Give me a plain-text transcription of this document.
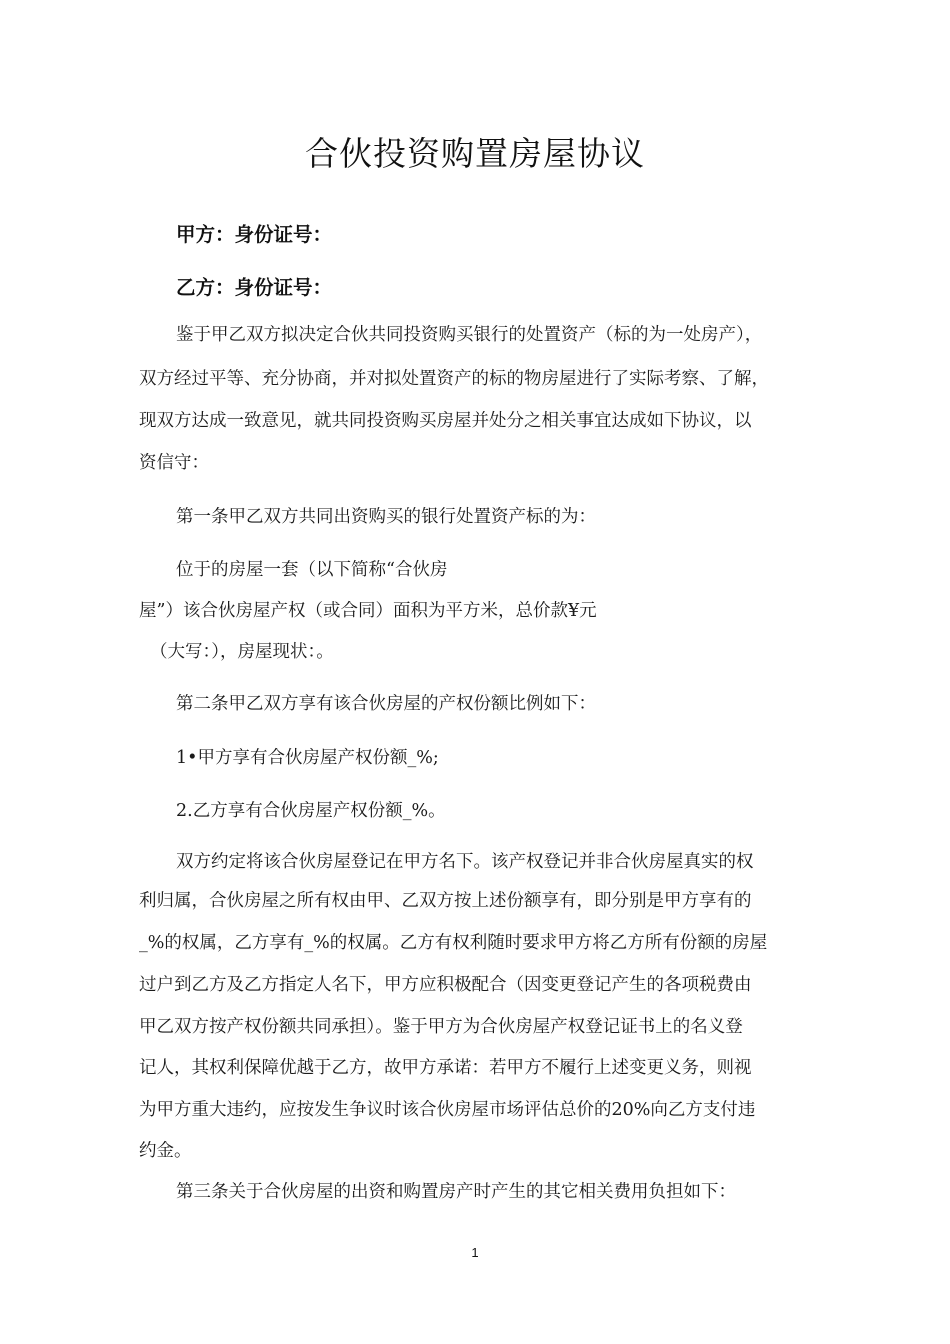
合伙投资购置房屋协议
甲方：身份证号：
乙方：身份证号：
鉴于甲乙双方拟决定合伙共同投资购买银行的处置资产（标的为一处房产），
双方经过平等、充分协商，并对拟处置资产的标的物房屋进行了实际考察、了解，
现双方达成一致意见，就共同投资购买房屋并处分之相关事宜达成如下协议，以
资信守：
第一条甲乙双方共同出资购买的银行处置资产标的为：
位于的房屋一套（以下简称“合伙房
屋”）该合伙房屋产权（或合同）面积为平方米，总价款¥元
（大写：），房屋现状：。
第二条甲乙双方享有该合伙房屋的产权份额比例如下：
1•甲方享有合伙房屋产权份额_%;
2.乙方享有合伙房屋产权份额_%。
双方约定将该合伙房屋登记在甲方名下。该产权登记并非合伙房屋真实的权
利归属，合伙房屋之所有权由甲、乙双方按上述份额享有，即分别是甲方享有的
_%的权属，乙方享有_%的权属。乙方有权利随时要求甲方将乙方所有份额的房屋
过户到乙方及乙方指定人名下，甲方应积极配合（因变更登记产生的各项税费由
甲乙双方按产权份额共同承担）。鉴于甲方为合伙房屋产权登记证书上的名义登
记人，其权利保障优越于乙方，故甲方承诺：若甲方不履行上述变更义务，则视
为甲方重大违约，应按发生争议时该合伙房屋市场评估总价的20%向乙方支付违
约金。
第三条关于合伙房屋的出资和购置房产时产生的其它相关费用负担如下：
1
